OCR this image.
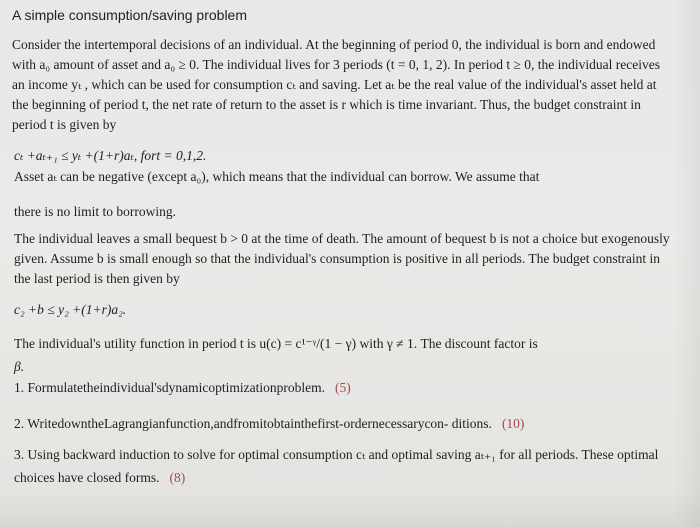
A simple consumption/saving problem
Consider the intertemporal decisions of an individual. At the beginning of period 0, the individual is born and endowed
with a₀ amount of asset and a₀ ≥ 0. The individual lives for 3 periods (t = 0, 1, 2). In period t ≥ 0, the individual receives
an income yₜ , which can be used for consumption cₜ and saving. Let aₜ be the real value of the individual's asset held at
the beginning of period t, the net rate of return to the asset is r which is time invariant. Thus, the budget constraint in
period t is given by
cₜ +aₜ₊₁ ≤ yₜ +(1+r)aₜ, fort = 0,1,2.
Asset aₜ can be negative (except a₀), which means that the individual can borrow. We assume that
there is no limit to borrowing.
The individual leaves a small bequest b > 0 at the time of death. The amount of bequest b is not a choice but exogenously
given. Assume b is small enough so that the individual's consumption is positive in all periods. The budget constraint in
the last period is then given by
c₂ +b ≤ y₂ +(1+r)a₂.
The individual's utility function in period t is u(c) = c¹⁻ᵞ/(1 − γ) with γ ≠ 1. The discount factor is
β.
1. Formulatetheindividual'sdynamicoptimizationproblem. (5)
2. WritedowntheLagrangianfunction,andfromitobtainthefirst-ordernecessarycon- ditions. (10)
3. Using backward induction to solve for optimal consumption cₜ and optimal saving aₜ₊₁ for all periods. These optimal
choices have closed forms. (8)
